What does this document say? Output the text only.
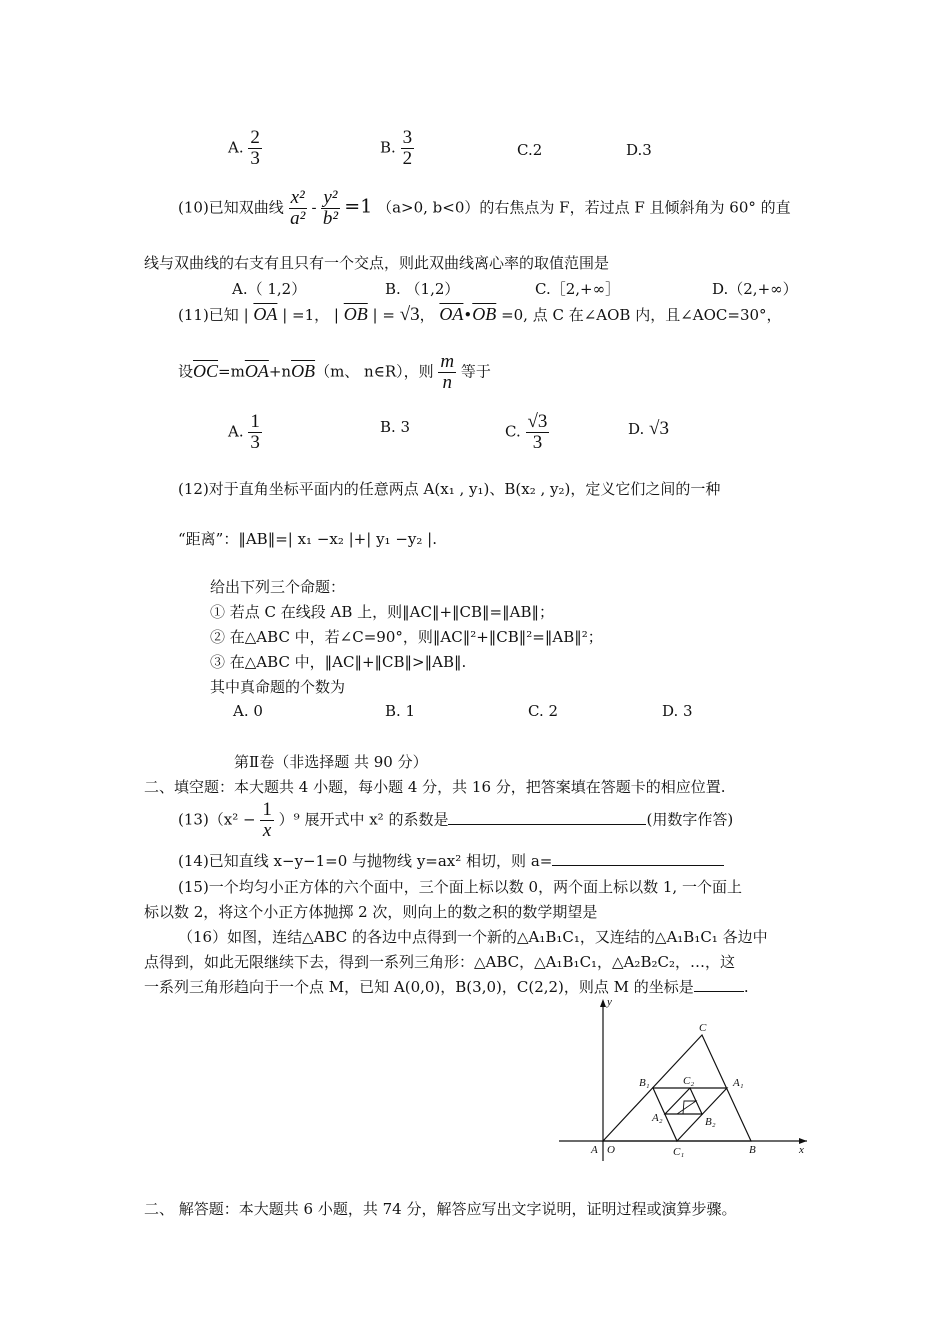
A. $\frac{2}{3}$	B. $\frac{3}{2}$	C.2	D.3
(10)已知双曲线 $\frac{\text{x²}}{\text{a²}} - \frac{\text{y²}}{\text{b²}} =1$ （a>0, b<0）的右焦点为 F，若过点 F 且倾斜角为 60° 的直
线与双曲线的右支有且只有一个交点，则此双曲线离心率的取值范围是
A.（ 1,2）	B. （1,2）	C.［2,+∞］	D.（2,+∞）
(11)已知 | $\overline{OA}$ | =1， | $\overline{OB}$ | = √3， $\overline{OA}•\overline{OB} =0$, 点 C 在∠AOB 内，且∠AOC=30°，
设$\overline{OC}=m\overline{OA}+n\overline{OB}(m$、 n∈R），则 $\frac{m}{n}$ 等于
A. $\frac{1}{3}$	B. 3	C. $\frac{√3}{3}$	D. √3
(12)对于直角坐标平面内的任意两点 A(x₁ , y₁)、B(x₂ , y₂)，定义它们之间的一种
“距离”：‖AB‖=| x₁ −x₂ |+| y₁ −y₂ |.
给出下列三个命题：
① 若点 C 在线段 AB 上，则‖AC‖+‖CB‖=‖AB‖；
② 在△ABC 中，若∠C=90°，则‖AC‖²+‖CB‖²=‖AB‖²；
③ 在△ABC 中，‖AC‖+‖CB‖>‖AB‖.
其中真命题的个数为
A. 0	B. 1	C. 2	D. 3
第Ⅱ卷（非选择题 共 90 分）
二、填空题：本大题共 4 小题，每小题 4 分，共 16 分，把答案填在答题卡的相应位置.
$(13)(x^2 - \frac{1}{x} )^9$ 展开式中 x² 的系数是	(用数字作答)
(14)已知直线 x−y−1=0 与抛物线 y=ax² 相切，则 a=
(15)一个均匀小正方体的六个面中，三个面上标以数 0，两个面上标以数 1, 一个面上
标以数 2，将这个小正方体抛掷 2 次，则向上的数之积的数学期望是
（16）如图，连结△ABC 的各边中点得到一个新的△A₁B₁C₁，又连结的△A₁B₁C₁ 各边中
点得到，如此无限继续下去，得到一系列三角形：△ABC，△A₁B₁C₁，△A₂B₂C₂，…，这
一系列三角形趋向于一个点 M，已知 A(0,0)，B(3,0)，C(2,2)，则点 M 的坐标是	.
C
B₁	C₂	A₁
A₂	B₂
A O	C₁	B	x
y
二、 解答题：本大题共 6 小题，共 74 分，解答应写出文字说明，证明过程或演算步骤。
